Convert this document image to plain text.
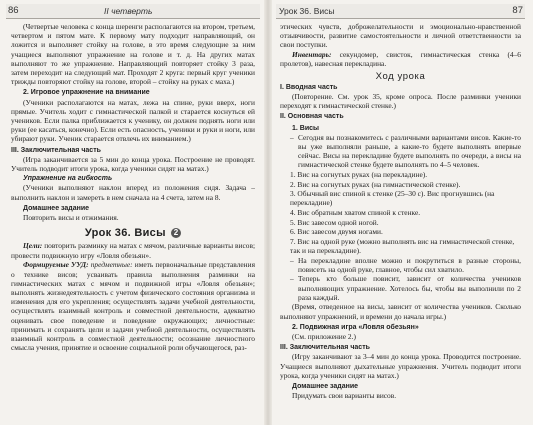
86	II четверть

(Четвертые человека с конца шеренги располагаются на втором, третьем, четвертом и пятом мате. К первому мату подходит направляющий, он ложится и выполняет стойку на голове, в это время следующие за ним учащиеся выполняют упражнение на голове и т. д. На других матах выполняют то же упражнение. Направляющий повторяет стойку 3 раза, затем переходит на следующий мат. Проходят 2 круга: первый круг ученики трижды повторяют стойку на голове, второй – стойку на руках с маха.)

2. Игровое упражнение на внимание

(Ученики располагаются на матах, лежа на спине, руки вверх, ноги прямые. Учитель ходит с гимнастической палкой и старается коснуться ей учеников. Если палка приближается к ученику, он должен поднять ноги или руки (ее касаться, конечно). Если есть опасность, ученики и руки и ноги, или убирают руки. Ученик старается отвлечь их вниманием.)

III. Заключительная часть

(Игра заканчивается за 5 мин до конца урока. Построение не проводят. Учитель подводит итоги урока, когда ученики сидят на матах.)

Упражнение на гибкость

(Ученики выполняют наклон вперед из положения сидя. Задача – выполнить наклон и замереть в нем сначала на 4 счета, затем на 8.

Домашнее задание

Повторить висы и отжимания.

Урок 36. Висы 2

Цели: повторить разминку на матах с мячом, различные варианты висов; провести подвижную игру «Ловля обезьян».

Формируемые УУД: предметные: иметь первоначальные представления о технике висов; усваивать правила выполнения разминки на гимнастических матах с мячом и подвижной игры «Ловля обезьян»; выполнять жизнедеятельность с учетом физического состояния организма и изменения для его укрепления; осуществлять задачи учебной деятельности, осуществлять взаимный контроль и совместной деятельности, адекватно оценивать свое поведение и поведение окружающих; личностные: принимать и сохранять цели и задачи учебной деятельности, осуществлять взаимный контроль в совместной деятельности; осознание личностного смысла учения, принятие и освоение социальной роли обучающегося, раз-

Урок 36. Висы	87

этических чувств, доброжелательности и эмоционально-нравственной отзывчивости, развитие самостоятельности и личной ответственности за свои поступки.

Инвентарь: секундомер, свисток, гимнастическая стенка (4–6 пролетов), навесная перекладина.

Ход урока
I. Вводная часть

(Повторение. См. урок 35, кроме опроса. После разминки ученики переходят к гимнастической стенке.)

II. Основная часть
1. Висы
– Сегодня вы познакомитесь с различными вариантами висов. Какие-то вы уже выполняли раньше, а какие-то будете выполнять впервые сейчас. Висы на перекладине будете выполнять по очереди, а висы на гимнастической стенке будете выполнять по 4–5 человек.
1. Вис на согнутых руках (на перекладине).
2. Вис на согнутых руках (на гимнастической стенке).
3. Обычный вис спиной к стенке (25–30 с). Вис прогнувшись (на перекладине)
4. Вис обратным хватом спиной к стенке.
5. Вис завесом одной ногой.
6. Вис завесом двумя ногами.
7. Вис на одной руке (можно выполнять вис на гимнастической стенке, так и на перекладине).
– На перекладине вполне можно и покрутиться в разные стороны, повисеть на одной руке, главное, чтобы сил хватило.
– Теперь кто больше повисит, зависит от количества учеников выполняющих упражнение. Хотелось бы, чтобы вы выполнили по 2 раза каждый.

(Время, отведенное на висы, зависит от количества учеников. Сколько выполняют упражнений, и времени до начала игры.)

2. Подвижная игра «Ловля обезьян»

(См. приложение 2.)

III. Заключительная часть

(Игру заканчивают за 3–4 мин до конца урока. Проводится построение. Учащиеся выполняют дыхательные упражнения. Учитель подводит итоги урока, когда ученики сидят на матах.)

Домашнее задание

Придумать свои варианты висов.
